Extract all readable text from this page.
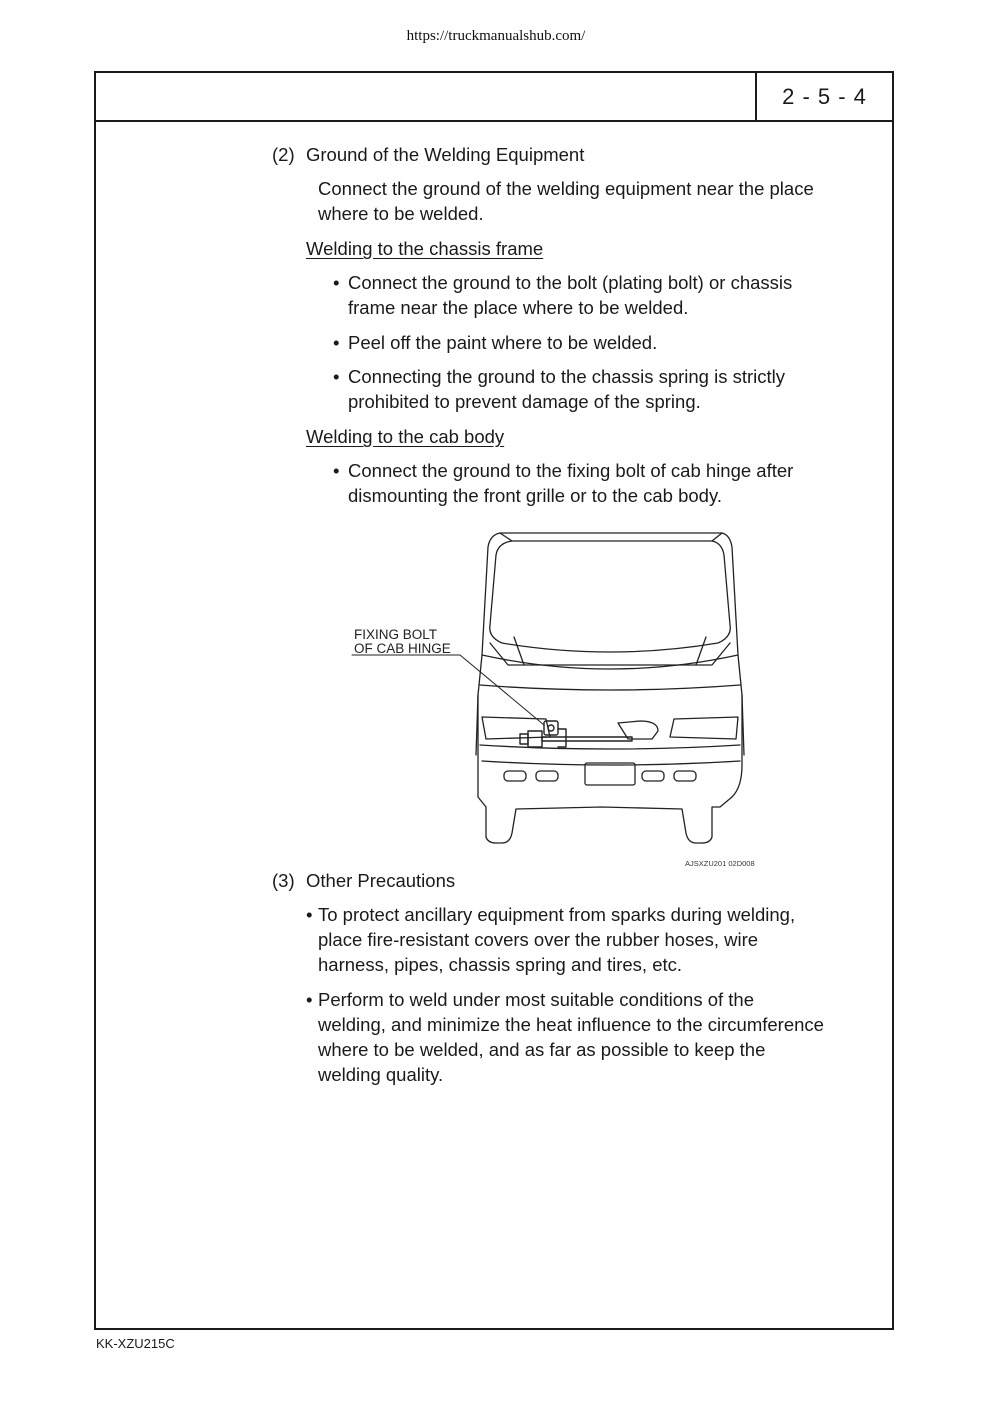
https://truckmanualshub.com/
2 - 5 - 4
(2) Ground of the Welding Equipment
Connect the ground of the welding equipment near the place
where to be welded.
Welding to the chassis frame
• Connect the ground to the bolt (plating bolt) or chassis
frame near the place where to be welded.
• Peel off the paint where to be welded.
• Connecting the ground to the chassis spring is strictly
prohibited to prevent damage of the spring.
Welding to the cab body
• Connect the ground to the fixing bolt of cab hinge after
dismounting the front grille or to the cab body.
FIXING BOLT
OF CAB HINGE
AJSXZU201 02D008
(3) Other Precautions
• To protect ancillary equipment from sparks during welding,
place fire-resistant covers over the rubber hoses, wire
harness, pipes, chassis spring and tires, etc.
• Perform to weld under most suitable conditions of the
welding, and minimize the heat influence to the circumference
where to be welded, and as far as possible to keep the
welding quality.
KK-XZU215C
